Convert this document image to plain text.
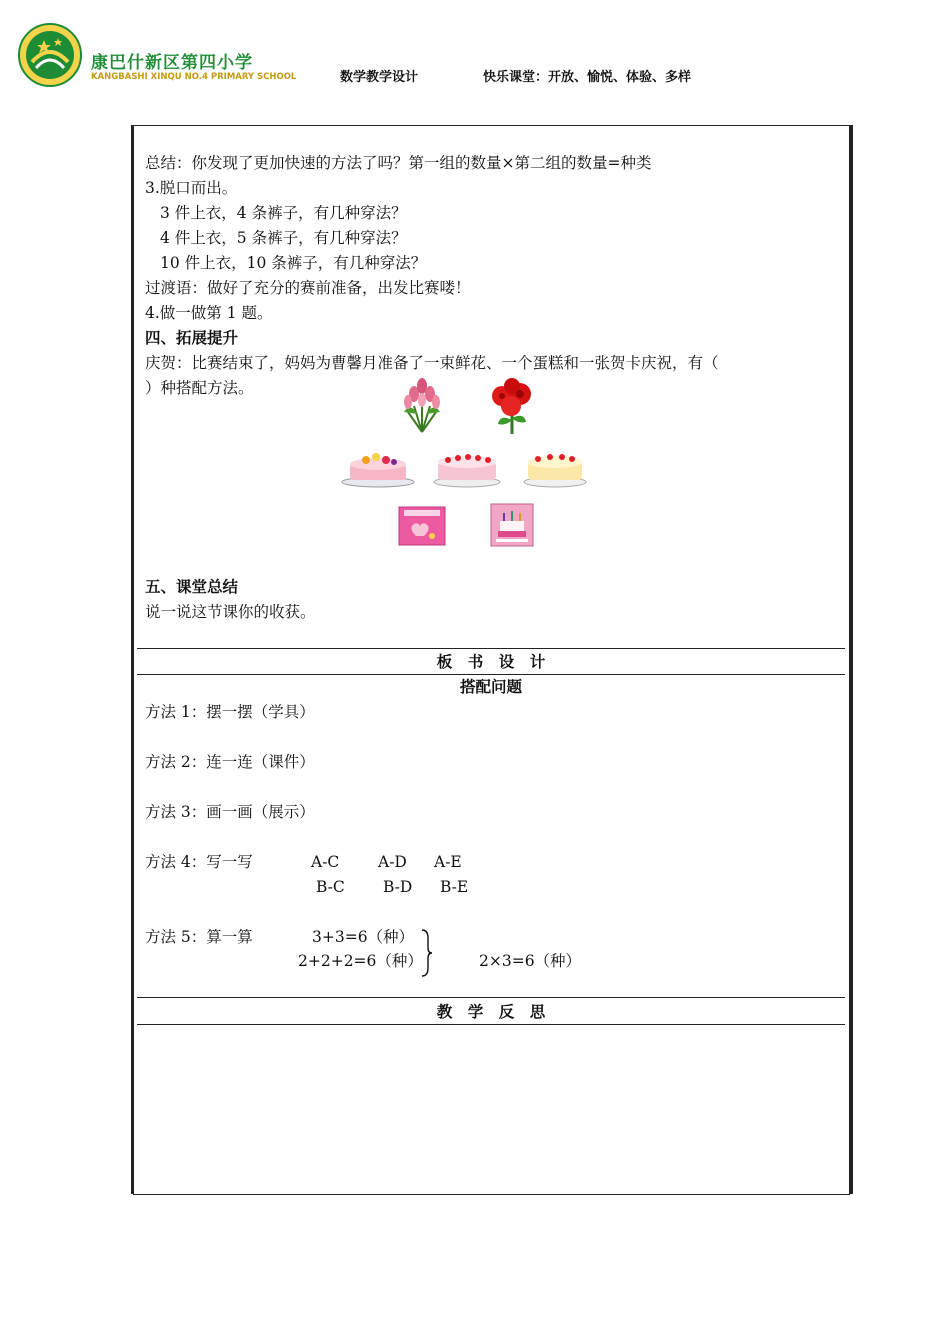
康巴什新区第四小学
KANGBASHI XINQU NO.4 PRIMARY SCHOOL	数学教学设计	快乐课堂：开放、愉悦、体验、多样
总结：你发现了更加快速的方法了吗？第一组的数量×第二组的数量=种类
3.脱口而出。
3 件上衣，4 条裤子，有几种穿法？
4 件上衣，5 条裤子，有几种穿法？
10 件上衣，10 条裤子，有几种穿法？
过渡语：做好了充分的赛前准备，出发比赛喽！
4.做一做第 1 题。
四、拓展提升
庆贺：比赛结束了，妈妈为曹馨月准备了一束鲜花、一个蛋糕和一张贺卡庆祝，有（
）种搭配方法。
五、课堂总结
说一说这节课你的收获。
板　书　设　计
搭配问题
方法 1：摆一摆（学具）
方法 2：连一连（课件）
方法 3：画一画（展示）
方法 4：写一写	A-C A-D A-E
B-C B-D B-E
方法 5：算一算	3+3=6（种）
2+2+2=6（种）	2×3=6（种）
教　学　反　思
